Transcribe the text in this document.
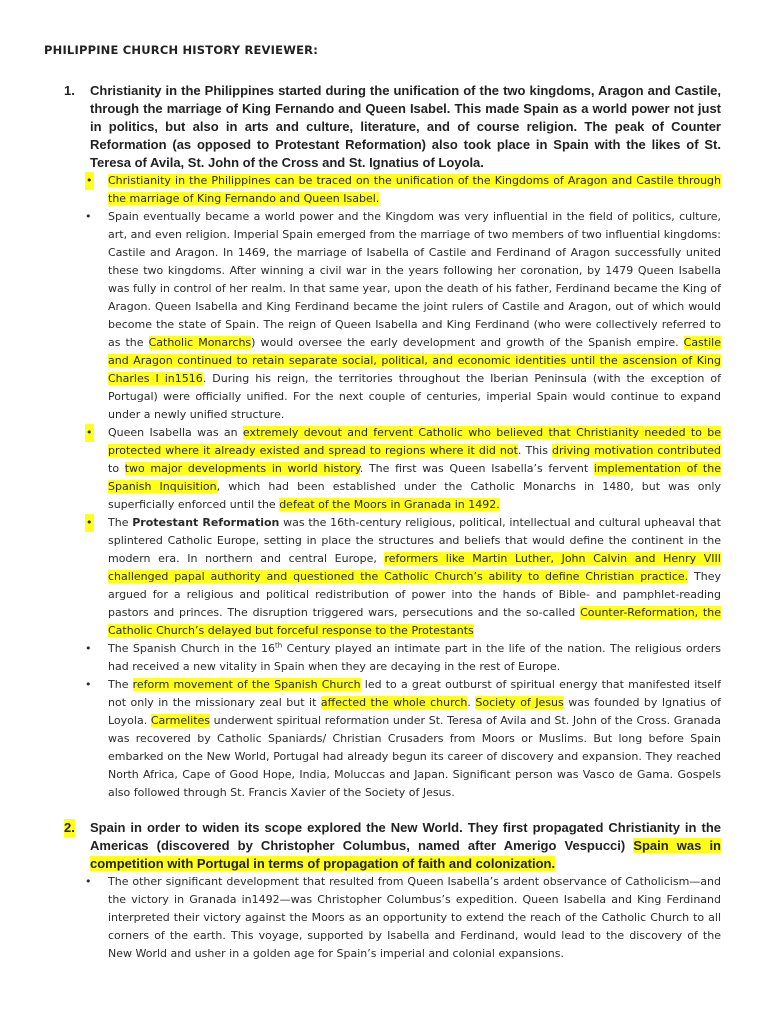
PHILIPPINE CHURCH HISTORY REVIEWER:
1. Christianity in the Philippines started during the unification of the two kingdoms, Aragon and Castile, through the marriage of King Fernando and Queen Isabel. This made Spain as a world power not just in politics, but also in arts and culture, literature, and of course religion. The peak of Counter Reformation (as opposed to Protestant Reformation) also took place in Spain with the likes of St. Teresa of Avila, St. John of the Cross and St. Ignatius of Loyola.
• Christianity in the Philippines can be traced on the unification of the Kingdoms of Aragon and Castile through the marriage of King Fernando and Queen Isabel.
• Spain eventually became a world power and the Kingdom was very influential in the field of politics, culture, art, and even religion. Imperial Spain emerged from the marriage of two members of two influential kingdoms: Castile and Aragon. In 1469, the marriage of Isabella of Castile and Ferdinand of Aragon successfully united these two kingdoms. After winning a civil war in the years following her coronation, by 1479 Queen Isabella was fully in control of her realm. In that same year, upon the death of his father, Ferdinand became the King of Aragon. Queen Isabella and King Ferdinand became the joint rulers of Castile and Aragon, out of which would become the state of Spain. The reign of Queen Isabella and King Ferdinand (who were collectively referred to as the Catholic Monarchs) would oversee the early development and growth of the Spanish empire. Castile and Aragon continued to retain separate social, political, and economic identities until the ascension of King Charles I in1516. During his reign, the territories throughout the Iberian Peninsula (with the exception of Portugal) were officially unified. For the next couple of centuries, imperial Spain would continue to expand under a newly unified structure.
• Queen Isabella was an extremely devout and fervent Catholic who believed that Christianity needed to be protected where it already existed and spread to regions where it did not. This driving motivation contributed to two major developments in world history. The first was Queen Isabella’s fervent implementation of the Spanish Inquisition, which had been established under the Catholic Monarchs in 1480, but was only superficially enforced until the defeat of the Moors in Granada in 1492.
• The Protestant Reformation was the 16th-century religious, political, intellectual and cultural upheaval that splintered Catholic Europe, setting in place the structures and beliefs that would define the continent in the modern era. In northern and central Europe, reformers like Martin Luther, John Calvin and Henry VIII challenged papal authority and questioned the Catholic Church’s ability to define Christian practice. They argued for a religious and political redistribution of power into the hands of Bible- and pamphlet-reading pastors and princes. The disruption triggered wars, persecutions and the so-called Counter-Reformation, the Catholic Church’s delayed but forceful response to the Protestants
• The Spanish Church in the 16th Century played an intimate part in the life of the nation. The religious orders had received a new vitality in Spain when they are decaying in the rest of Europe.
• The reform movement of the Spanish Church led to a great outburst of spiritual energy that manifested itself not only in the missionary zeal but it affected the whole church. Society of Jesus was founded by Ignatius of Loyola. Carmelites underwent spiritual reformation under St. Teresa of Avila and St. John of the Cross. Granada was recovered by Catholic Spaniards/ Christian Crusaders from Moors or Muslims. But long before Spain embarked on the New World, Portugal had already begun its career of discovery and expansion. They reached North Africa, Cape of Good Hope, India, Moluccas and Japan. Significant person was Vasco de Gama. Gospels also followed through St. Francis Xavier of the Society of Jesus.
2. Spain in order to widen its scope explored the New World. They first propagated Christianity in the Americas (discovered by Christopher Columbus, named after Amerigo Vespucci) Spain was in competition with Portugal in terms of propagation of faith and colonization.
• The other significant development that resulted from Queen Isabella’s ardent observance of Catholicism—and the victory in Granada in1492—was Christopher Columbus’s expedition. Queen Isabella and King Ferdinand interpreted their victory against the Moors as an opportunity to extend the reach of the Catholic Church to all corners of the earth. This voyage, supported by Isabella and Ferdinand, would lead to the discovery of the New World and usher in a golden age for Spain’s imperial and colonial expansions.
